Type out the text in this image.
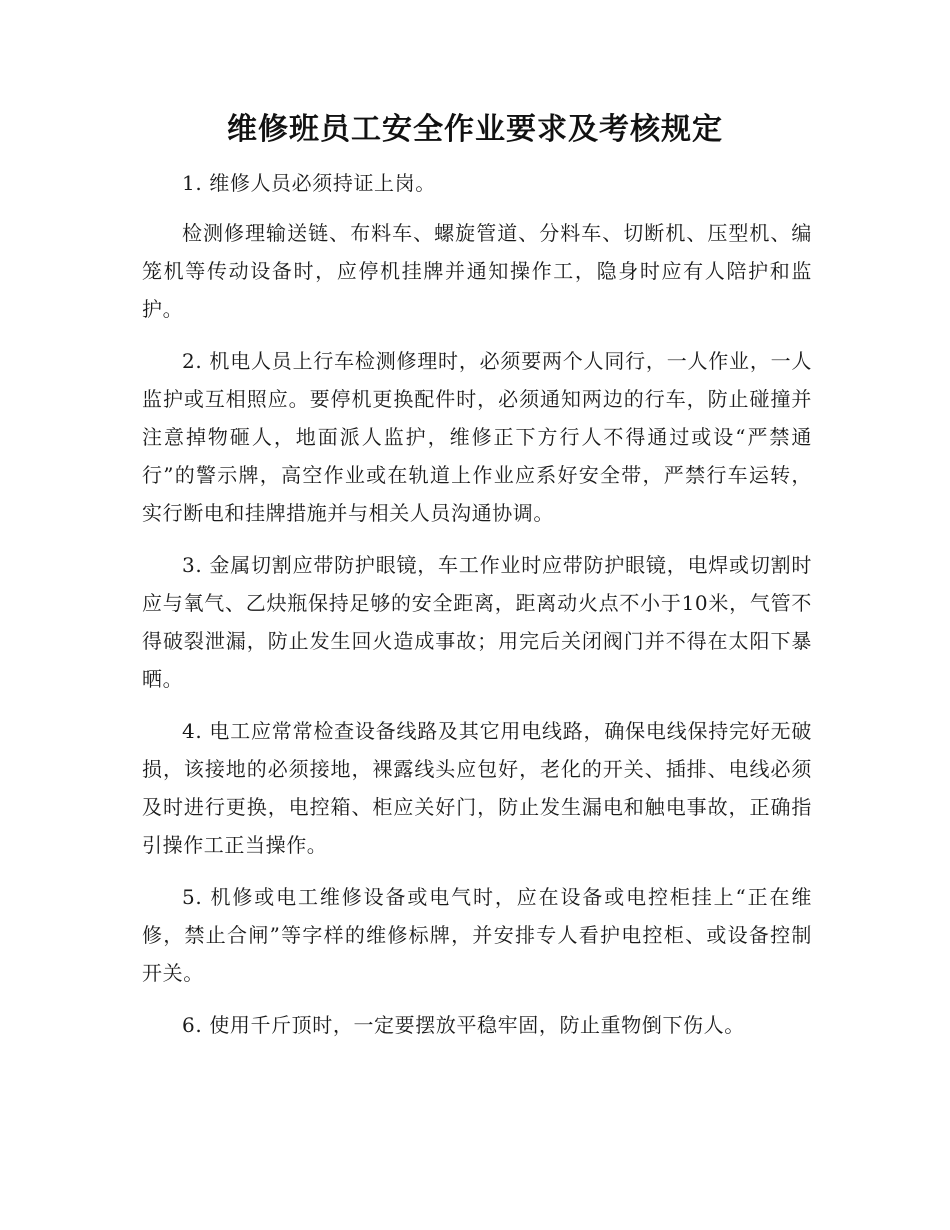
维修班员工安全作业要求及考核规定

1. 维修人员必须持证上岗。

检测修理输送链、布料车、螺旋管道、分料车、切断机、压型机、编笼机等传动设备时，应停机挂牌并通知操作工，隐身时应有人陪护和监护。

2. 机电人员上行车检测修理时，必须要两个人同行，一人作业，一人监护或互相照应。要停机更换配件时，必须通知两边的行车，防止碰撞并注意掉物砸人，地面派人监护，维修正下方行人不得通过或设“严禁通行”的警示牌，高空作业或在轨道上作业应系好安全带，严禁行车运转，实行断电和挂牌措施并与相关人员沟通协调。

3. 金属切割应带防护眼镜，车工作业时应带防护眼镜，电焊或切割时应与氧气、乙炔瓶保持足够的安全距离，距离动火点不小于10米，气管不得破裂泄漏，防止发生回火造成事故；用完后关闭阀门并不得在太阳下暴晒。

4. 电工应常常检查设备线路及其它用电线路，确保电线保持完好无破损，该接地的必须接地，裸露线头应包好，老化的开关、插排、电线必须及时进行更换，电控箱、柜应关好门，防止发生漏电和触电事故，正确指引操作工正当操作。

5. 机修或电工维修设备或电气时，应在设备或电控柜挂上“正在维修，禁止合闸”等字样的维修标牌，并安排专人看护电控柜、或设备控制开关。

6. 使用千斤顶时，一定要摆放平稳牢固，防止重物倒下伤人。
